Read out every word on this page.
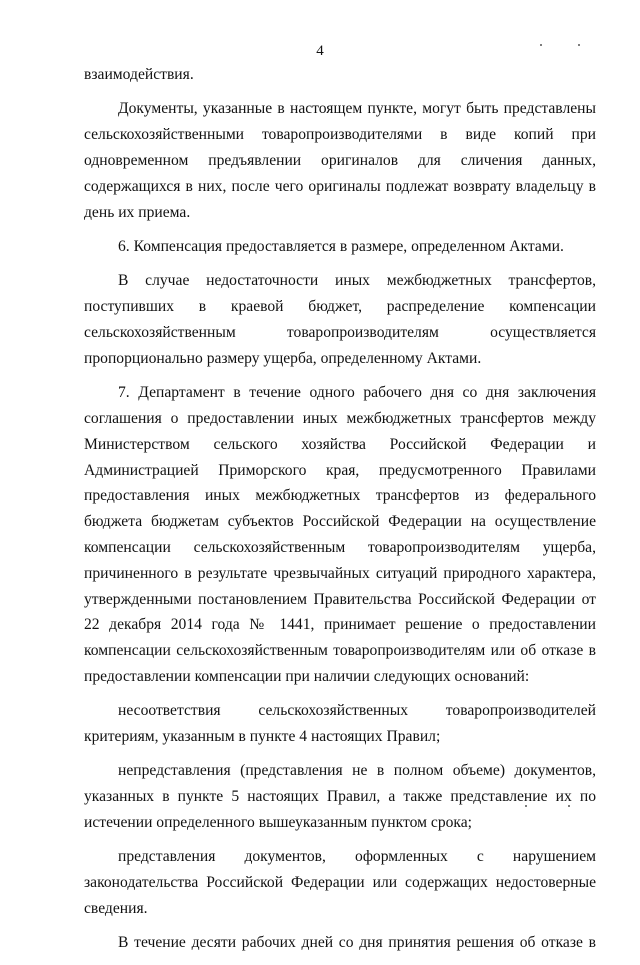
4

взаимодействия.

Документы, указанные в настоящем пункте, могут быть представлены сельскохозяйственными товаропроизводителями в виде копий при одновременном предъявлении оригиналов для сличения данных, содержащихся в них, после чего оригиналы подлежат возврату владельцу в день их приема.

6. Компенсация предоставляется в размере, определенном Актами.

В случае недостаточности иных межбюджетных трансфертов, поступивших в краевой бюджет, распределение компенсации сельскохозяйственным товаропроизводителям осуществляется пропорционально размеру ущерба, определенному Актами.

7. Департамент в течение одного рабочего дня со дня заключения соглашения о предоставлении иных межбюджетных трансфертов между Министерством сельского хозяйства Российской Федерации и Администрацией Приморского края, предусмотренного Правилами предоставления иных межбюджетных трансфертов из федерального бюджета бюджетам субъектов Российской Федерации на осуществление компенсации сельскохозяйственным товаропроизводителям ущерба, причиненного в результате чрезвычайных ситуаций природного характера, утвержденными постановлением Правительства Российской Федерации от 22 декабря 2014 года № 1441, принимает решение о предоставлении компенсации сельскохозяйственным товаропроизводителям или об отказе в предоставлении компенсации при наличии следующих оснований:

несоответствия сельскохозяйственных товаропроизводителей критериям, указанным в пункте 4 настоящих Правил;

непредставления (представления не в полном объеме) документов, указанных в пункте 5 настоящих Правил, а также представление их по истечении определенного вышеуказанным пунктом срока;

представления документов, оформленных с нарушением законодательства Российской Федерации или содержащих недостоверные сведения.

В течение десяти рабочих дней со дня принятия решения об отказе в
